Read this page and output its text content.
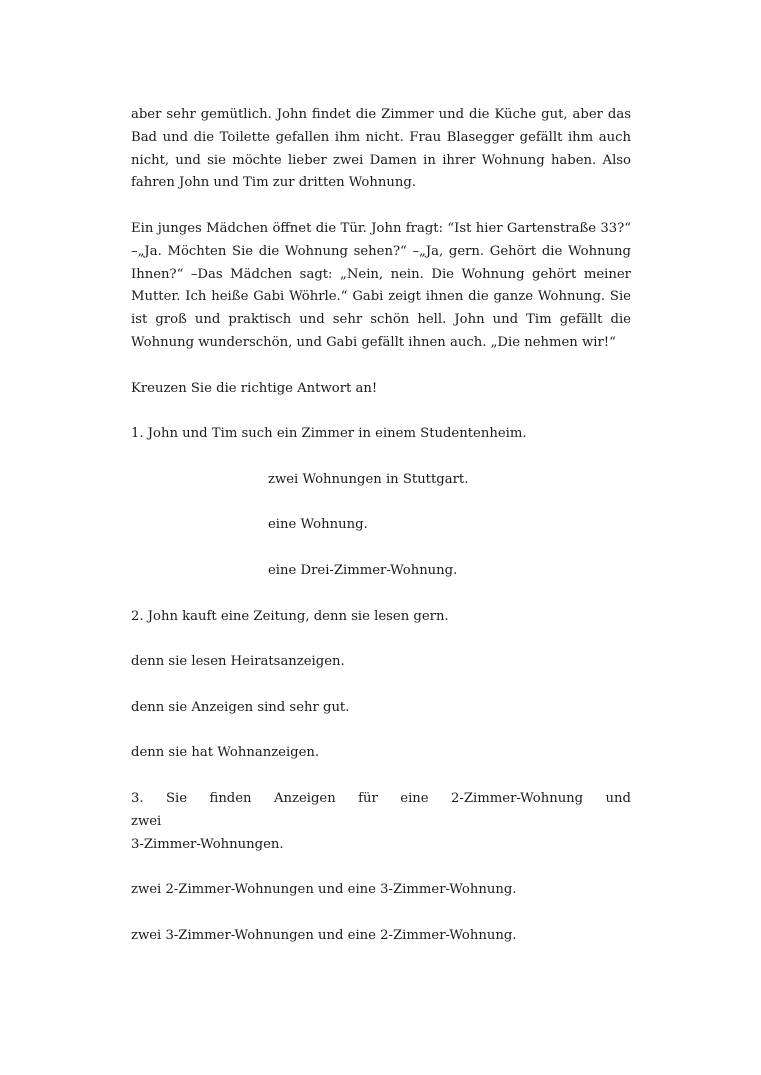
aber sehr gemütlich. John findet die Zimmer und die Küche gut, aber das Bad und die Toilette gefallen ihm nicht. Frau Blasegger gefällt ihm auch nicht, und sie möchte lieber zwei Damen in ihrer Wohnung haben. Also fahren John und Tim zur dritten Wohnung.

Ein junges Mädchen öffnet die Tür. John fragt: “Ist hier Gartenstraße 33?“ –„Ja. Möchten Sie die Wohnung sehen?“ –„Ja, gern. Gehört die Wohnung Ihnen?“ –Das Mädchen sagt: „Nein, nein. Die Wohnung gehört meiner Mutter. Ich heiße Gabi Wöhrle.“ Gabi zeigt ihnen die ganze Wohnung. Sie ist groß und praktisch und sehr schön hell. John und Tim gefällt die Wohnung wunderschön, und Gabi gefällt ihnen auch. „Die nehmen wir!“

Kreuzen Sie die richtige Antwort an!

1. John und Tim such ein Zimmer in einem Studentenheim.

zwei Wohnungen in Stuttgart.

eine Wohnung.

eine Drei-Zimmer-Wohnung.

2. John kauft eine Zeitung, denn sie lesen gern.

denn sie lesen Heiratsanzeigen.

denn sie Anzeigen sind sehr gut.

denn sie hat Wohnanzeigen.

3. Sie finden Anzeigen für eine 2-Zimmer-Wohnung und zwei
3-Zimmer-Wohnungen.

zwei 2-Zimmer-Wohnungen und eine 3-Zimmer-Wohnung.

zwei 3-Zimmer-Wohnungen und eine 2-Zimmer-Wohnung.
